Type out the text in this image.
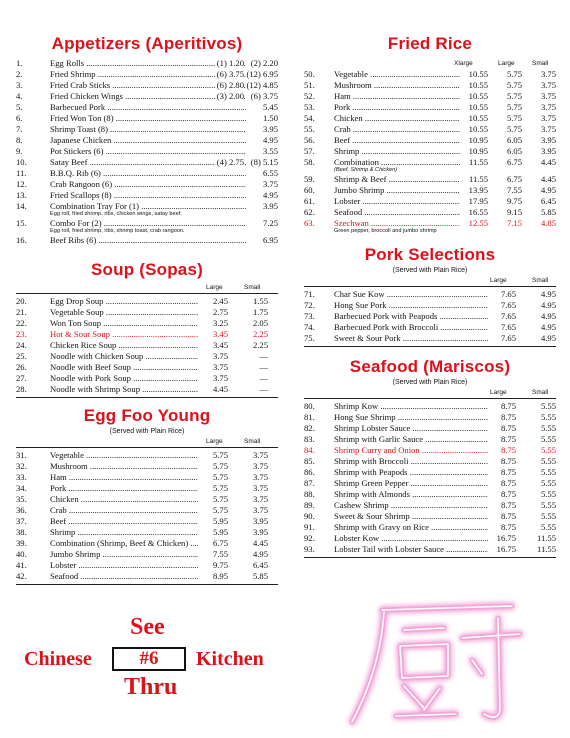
Appetizers (Aperitivos)
1.	Egg Rolls .....	(1) 1.20 (2) 2.20
2.	Fried Shrimp .....	(6) 3.75 (12) 6.95
3.	Fried Crab Sticks .....	(6) 2.80 (12) 4.85
4.	Fried Chicken Wings .....	(3) 2.00 (6) 3.75
5.	Barbecued Pork .....	5.45
6.	Fried Won Ton (8) .....	1.50
7.	Shrimp Toast (8) .....	3.95
8.	Japanese Chicken .....	4.95
9.	Pot Stickers (6) .....	3.55
10.	Satay Beef .....	(4) 2.75 (8) 5.15
11.	B.B.Q. Rib (6) .....	6.55
12.	Crab Rangoon (6) .....	3.75
13.	Fried Scallops (8) .....	4.95
14.	Combination Tray For (1) .....	3.95
Egg roll, fried shrimp, ribs, chicken wings, satay beef.
15.	Combo For (2) .....	7.25
Egg roll, fried shrimp, ribs, shrimp toast, crab rangoon.
16.	Beef Ribs (6) .....	6.95
Soup (Sopas)
Large	Small
20.	Egg Drop Soup .....	2.45	1.55
21.	Vegetable Soup .....	2.75	1.75
22.	Won Ton Soup .....	3.25	2.05
23.	Hot & Sour Soup .....	3.45	2.25
24.	Chicken Rice Soup .....	3.45	2.25
25.	Noodle with Chicken Soup .....	3.75	—
26.	Noodle with Beef Soup .....	3.75	—
27.	Noodle with Pork Soup .....	3.75	—
28.	Noodle with Shrimp Soup .....	4.45	—
Egg Foo Young
(Served with Plain Rice)
Large	Small
31.	Vegetable .....	5.75	3.75
32.	Mushroom .....	5.75	3.75
33.	Ham .....	5.75	3.75
34.	Pork .....	5.75	3.75
35.	Chicken .....	5.75	3.75
36.	Crab .....	5.75	3.75
37.	Beef .....	5.95	3.95
38.	Shrimp .....	5.95	3.95
39.	Combination (Shrimp, Beef & Chicken) .....	6.75	4.45
40.	Jumbo Shrimp .....	7.55	4.95
41.	Lobster .....	9.75	6.45
42.	Seafood .....	8.95	5.85
Fried Rice
Xlarge	Large	Small
50. Vegetable .....	10.55	5.75	3.75
51. Mushroom .....	10.55	5.75	3.75
52. Ham .....	10.55	5.75	3.75
53. Pork .....	10.55	5.75	3.75
54. Chicken .....	10.55	5.75	3.75
55. Crab .....	10.55	5.75	3.75
56. Beef .....	10.95	6.05	3.95
57. Shrimp .....	10.95	6.05	3.95
58. Combination .....	11.55	6.75	4.45
(Beef, Shrimp & Chicken)
59. Shrimp & Beef .....	11.55	6.75	4.45
60. Jumbo Shrimp .....	13.95	7.55	4.95
61. Lobster .....	17.95	9.75	6.45
62. Seafood .....	16.55	9.15	5.85
63. Szechwan .....	12.55	7.15	4.85
Green pepper, broccoli and jumbo shrimp
Pork Selections
(Served with Plain Rice)
Large	Small
71. Char Sue Kow .....	7.65	4.95
72. Hong Sue Pork .....	7.65	4.95
73. Barbecued Pork with Peapods .....	7.65	4.95
74. Barbecued Pork with Broccoli .....	7.65	4.95
75. Sweet & Sour Pork .....	7.65	4.95
Seafood (Mariscos)
(Served with Plain Rice)
Large	Small
80. Shrimp Kow .....	8.75	5.55
81. Hong Sue Shrimp .....	8.75	5.55
82. Shrimp Lobster Sauce .....	8.75	5.55
83. Shrimp with Garlic Sauce .....	8.75	5.55
84. Shrimp Curry and Onion .....	8.75	5.55
85. Shrimp with Broccoli .....	8.75	5.55
86. Shrimp with Peapods .....	8.75	5.55
87. Shrimp Green Pepper .....	8.75	5.55
88. Shrimp with Almonds .....	8.75	5.55
89. Cashew Shrimp .....	8.75	5.55
90. Sweet & Sour Shrimp .....	8.75	5.55
91. Shrimp with Gravy on Rice .....	8.75	5.55
92. Lobster Kow .....	16.75	11.55
93. Lobster Tail with Lobster Sauce .....	16.75	11.55
See
Chinese	#6	Kitchen
Thru
